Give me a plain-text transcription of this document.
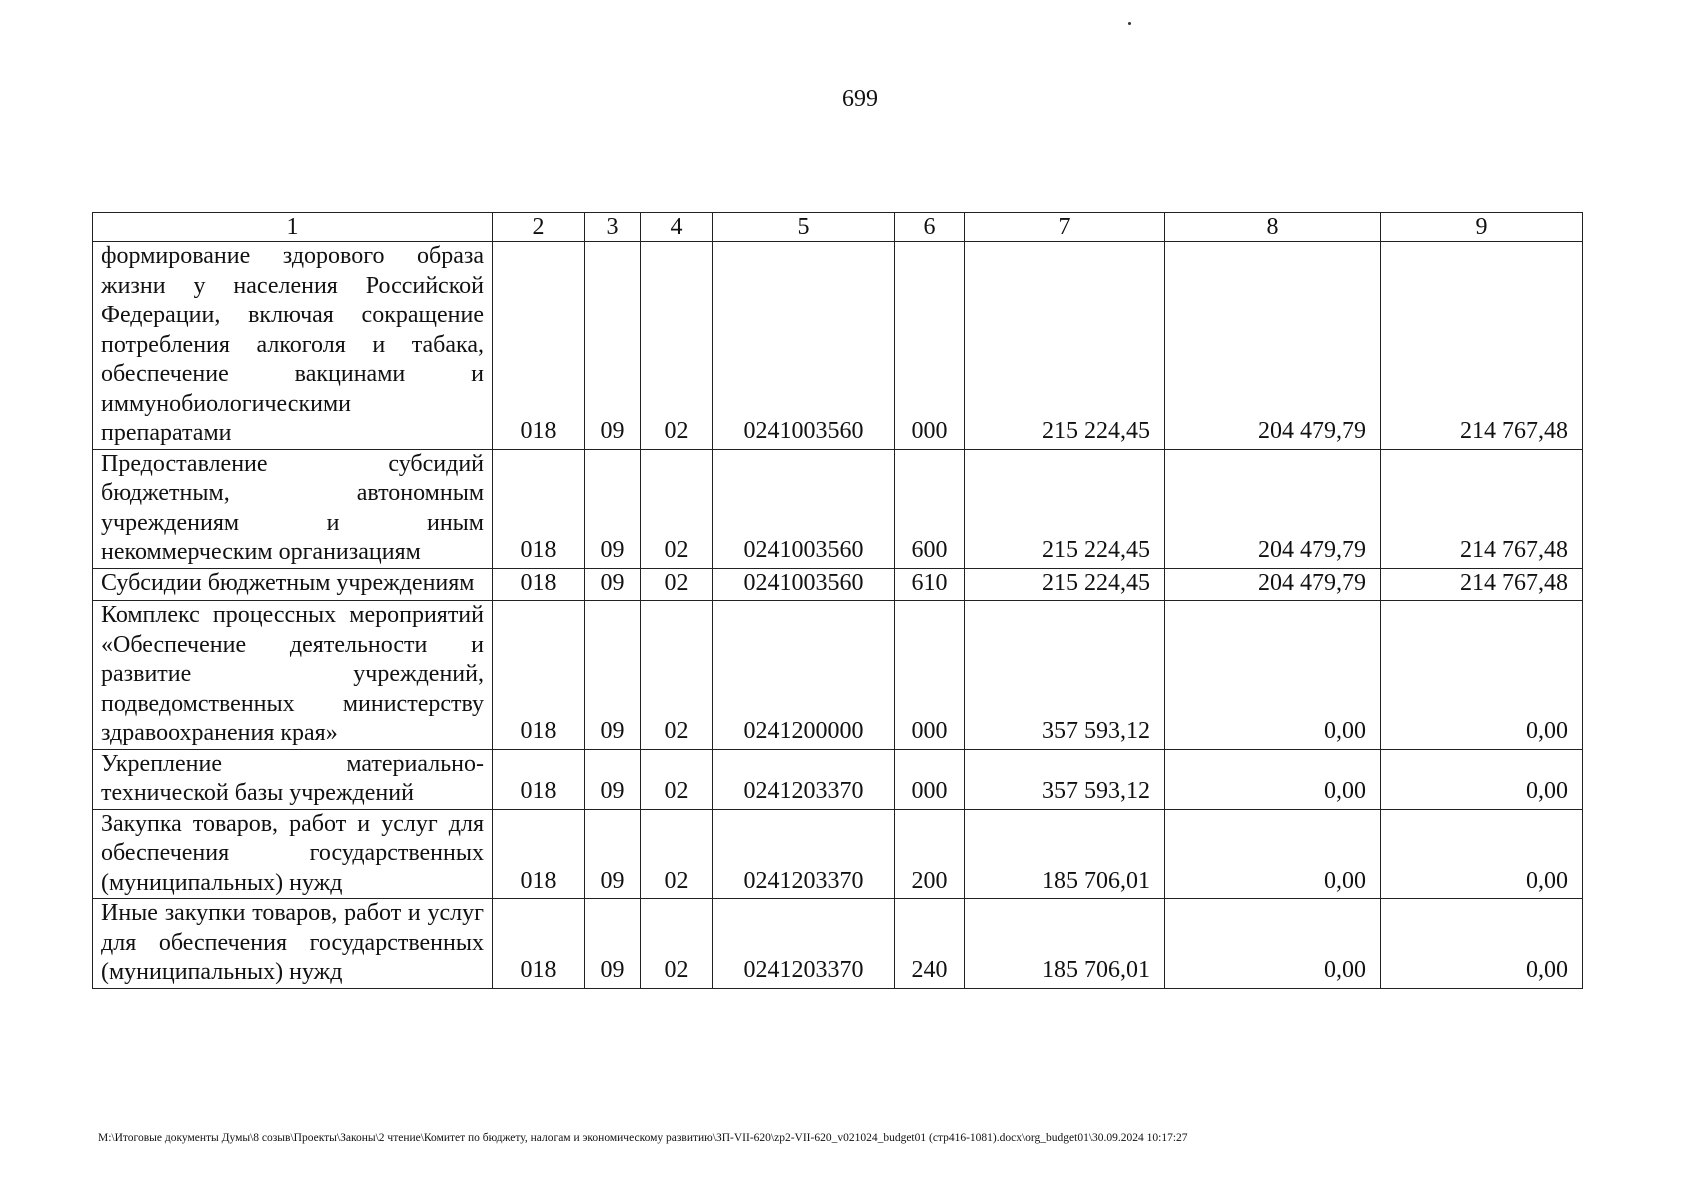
699
1	2	3	4	5	6	7	8	9
формирование здорового образа жизни у населения Российской Федерации, включая сокращение потребления алкоголя и табака, обеспечение вакцинами и иммунобиологическими препаратами	018	09	02	0241003560	000	215 224,45	204 479,79	214 767,48
Предоставление субсидий бюджетным, автономным учреждениям и иным некоммерческим организациям	018	09	02	0241003560	600	215 224,45	204 479,79	214 767,48
Субсидии бюджетным учреждениям	018	09	02	0241003560	610	215 224,45	204 479,79	214 767,48
Комплекс процессных мероприятий «Обеспечение деятельности и развитие учреждений, подведомственных министерству здравоохранения края»	018	09	02	0241200000	000	357 593,12	0,00	0,00
Укрепление материально-технической базы учреждений	018	09	02	0241203370	000	357 593,12	0,00	0,00
Закупка товаров, работ и услуг для обеспечения государственных (муниципальных) нужд	018	09	02	0241203370	200	185 706,01	0,00	0,00
Иные закупки товаров, работ и услуг для обеспечения государственных (муниципальных) нужд	018	09	02	0241203370	240	185 706,01	0,00	0,00
M:\Итоговые документы Думы\8 созыв\Проекты\Законы\2 чтение\Комитет по бюджету, налогам и экономическому развитию\ЗП-VII-620\zp2-VII-620_v021024_budget01 (стр416-1081).docx\org_budget01\30.09.2024 10:17:27
